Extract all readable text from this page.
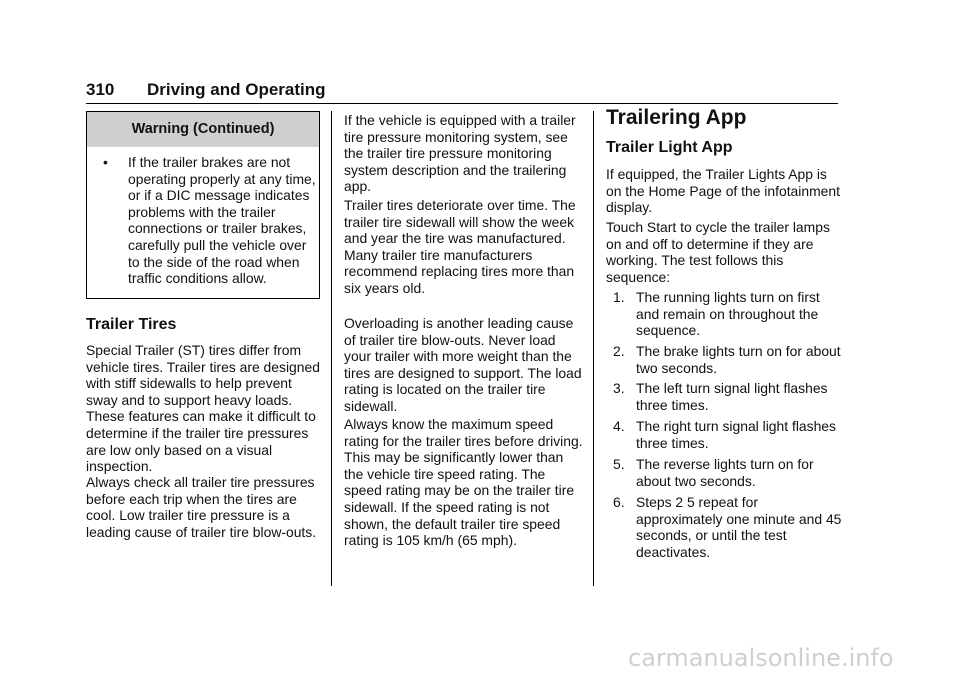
310 Driving and Operating
Warning (Continued)
• If the trailer brakes are not operating properly at any time, or if a DIC message indicates problems with the trailer connections or trailer brakes, carefully pull the vehicle over to the side of the road when traffic conditions allow.
Trailer Tires

Special Trailer (ST) tires differ from vehicle tires. Trailer tires are designed with stiff sidewalls to help prevent sway and to support heavy loads. These features can make it difficult to determine if the trailer tire pressures are low only based on a visual inspection.

Always check all trailer tire pressures before each trip when the tires are cool. Low trailer tire pressure is a leading cause of trailer tire blow-outs.

If the vehicle is equipped with a trailer tire pressure monitoring system, see the trailer tire pressure monitoring system description and the trailering app.

Trailer tires deteriorate over time. The trailer tire sidewall will show the week and year the tire was manufactured. Many trailer tire manufacturers recommend replacing tires more than six years old.

Overloading is another leading cause of trailer tire blow-outs. Never load your trailer with more weight than the tires are designed to support. The load rating is located on the trailer tire sidewall.

Always know the maximum speed rating for the trailer tires before driving. This may be significantly lower than the vehicle tire speed rating. The speed rating may be on the trailer tire sidewall. If the speed rating is not shown, the default trailer tire speed rating is 105 km/h (65 mph).

Trailering App
Trailer Light App

If equipped, the Trailer Lights App is on the Home Page of the infotainment display.

Touch Start to cycle the trailer lamps on and off to determine if they are working. The test follows this sequence:

1. The running lights turn on first and remain on throughout the sequence.
2. The brake lights turn on for about two seconds.
3. The left turn signal light flashes three times.
4. The right turn signal light flashes three times.
5. The reverse lights turn on for about two seconds.
6. Steps 2 5 repeat for approximately one minute and 45 seconds, or until the test deactivates.
carmanualsonline.info
